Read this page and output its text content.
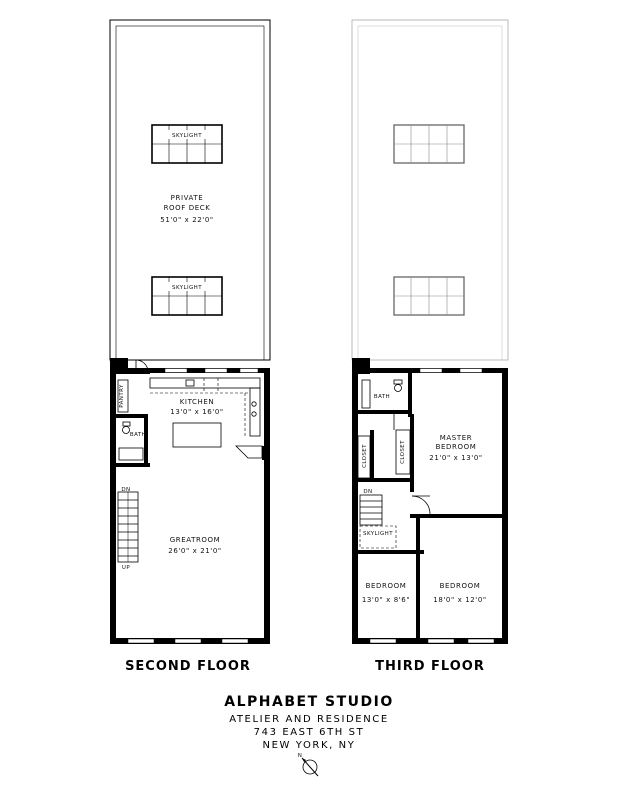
SKYLIGHT
PRIVATE
ROOF DECK
51'0" x 22'0"
SKYLIGHT
PANTRY
BATH
KITCHEN
13'0" x 16'0"
DN
UP
GREATROOM
26'0" x 21'0"
SECOND FLOOR
BATH
CLOSET	CLOSET
MASTER
BEDROOM
21'0" x 13'0"
DN
SKYLIGHT
BEDROOM
13'0" x 8'6"
BEDROOM
18'0" x 12'0"
THIRD FLOOR
ALPHABET STUDIO
ATELIER AND RESIDENCE
743 EAST 6TH ST
NEW YORK, NY
N
